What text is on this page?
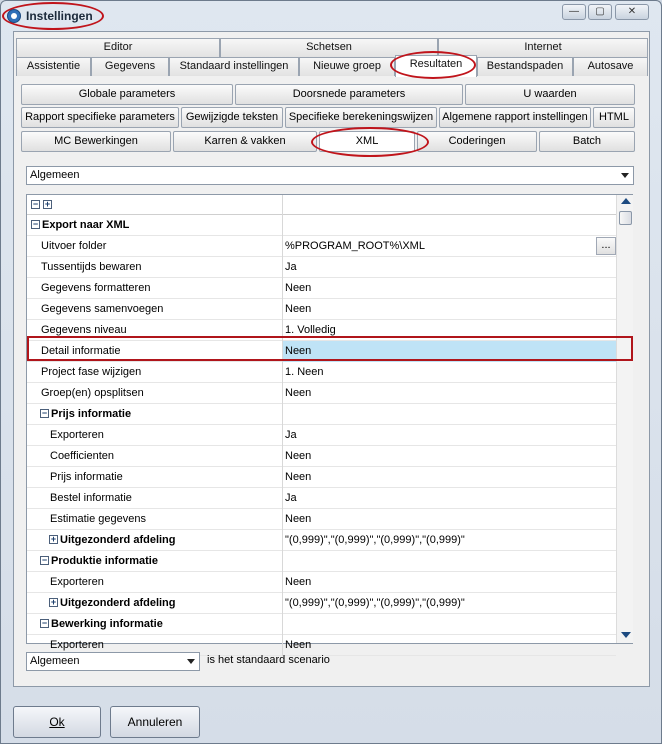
Instellingen	—	▢	✕
Editor	Schetsen	Internet
Assistentie	Gegevens	Standaard instellingen	Nieuwe groep	Resultaten	Bestandspaden	Autosave
Globale parameters	Doorsnede parameters	U waarden
Rapport specifieke parameters Gewijzigde teksten Specifieke berekeningswijzen Algemene rapport instellingen	HTML
MC Bewerkingen	Karren & vakken	XML	Coderingen	Batch
Algemeen
− +
− Export naar XML
Uitvoer folder	%PROGRAM_ROOT%\XML	...
Tussentijds bewaren	Ja
Gegevens formatteren	Neen
Gegevens samenvoegen	Neen
Gegevens niveau	1. Volledig
Detail informatie	Neen
Project fase wijzigen	1. Neen
Groep(en) opsplitsen	Neen
− Prijs informatie
Exporteren	Ja
Coefficienten	Neen
Prijs informatie	Neen
Bestel informatie	Ja
Estimatie gegevens	Neen
+ Uitgezonderd afdeling	"(0,999)","(0,999)","(0,999)","(0,999)"
− Produktie informatie
Exporteren	Neen
+ Uitgezonderd afdeling	"(0,999)","(0,999)","(0,999)","(0,999)"
− Bewerking informatie
Exporteren	Neen
Algemeen	is het standaard scenario
Ok	Annuleren
